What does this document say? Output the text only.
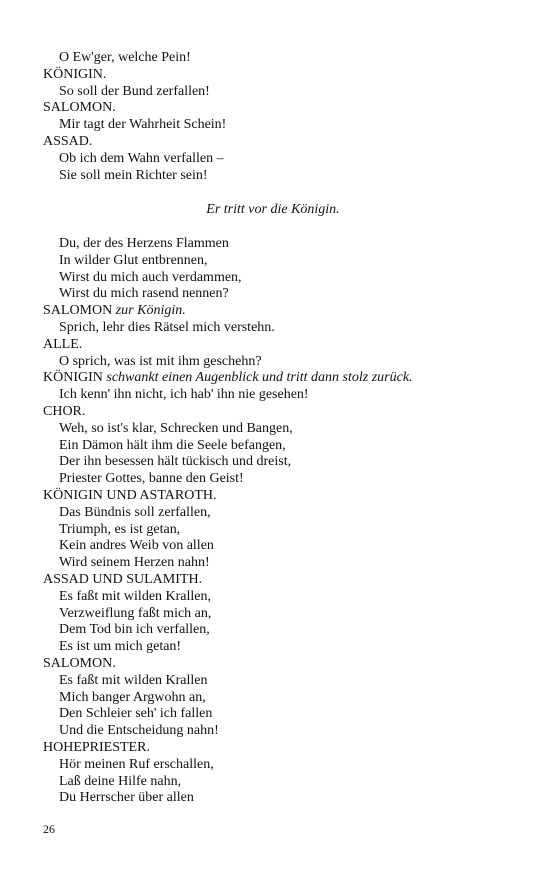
O Ew'ger, welche Pein!
KÖNIGIN.
So soll der Bund zerfallen!
SALOMON.
Mir tagt der Wahrheit Schein!
ASSAD.
Ob ich dem Wahn verfallen –
Sie soll mein Richter sein!
Er tritt vor die Königin.
Du, der des Herzens Flammen
In wilder Glut entbrennen,
Wirst du mich auch verdammen,
Wirst du mich rasend nennen?
SALOMON zur Königin.
Sprich, lehr dies Rätsel mich verstehn.
ALLE.
O sprich, was ist mit ihm geschehn?
KÖNIGIN schwankt einen Augenblick und tritt dann stolz zurück.
Ich kenn' ihn nicht, ich hab' ihn nie gesehen!
CHOR.
Weh, so ist's klar, Schrecken und Bangen,
Ein Dämon hält ihm die Seele befangen,
Der ihn besessen hält tückisch und dreist,
Priester Gottes, banne den Geist!
KÖNIGIN UND ASTAROTH.
Das Bündnis soll zerfallen,
Triumph, es ist getan,
Kein andres Weib von allen
Wird seinem Herzen nahn!
ASSAD UND SULAMITH.
Es faßt mit wilden Krallen,
Verzweiflung faßt mich an,
Dem Tod bin ich verfallen,
Es ist um mich getan!
SALOMON.
Es faßt mit wilden Krallen
Mich banger Argwohn an,
Den Schleier seh' ich fallen
Und die Entscheidung nahn!
HOHEPRIESTER.
Hör meinen Ruf erschallen,
Laß deine Hilfe nahn,
Du Herrscher über allen
26
